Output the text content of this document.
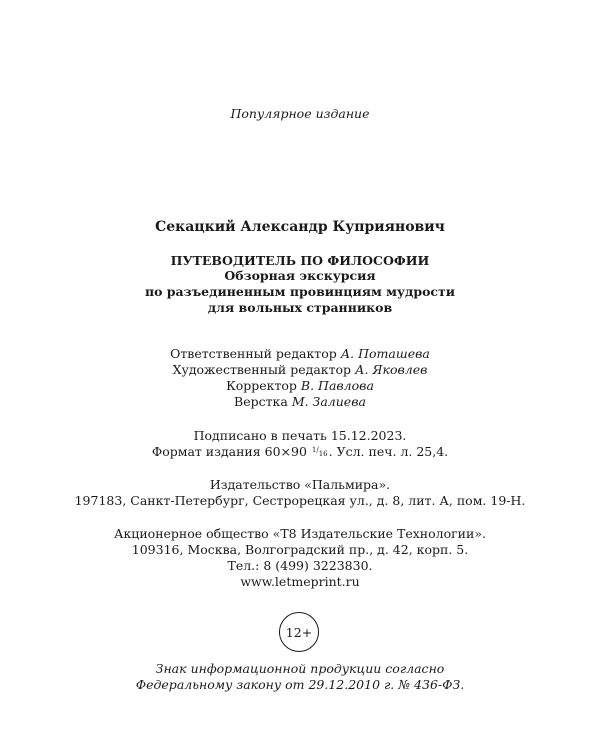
Популярное издание
Секацкий Александр Куприянович
ПУТЕВОДИТЕЛЬ ПО ФИЛОСОФИИ
Обзорная экскурсия
по разъединенным провинциям мудрости
для вольных странников
Ответственный редактор А. Поташева
Художественный редактор А. Яковлев
Корректор В. Павлова
Верстка М. Залиева
Подписано в печать 15.12.2023.
Формат издания 60×90 $^{1/16}$. Усл. печ. л. 25,4.
Издательство «Пальмира».
197183, Санкт-Петербург, Сестрорецкая ул., д. 8, лит. А, пом. 19-Н.
Акционерное общество «Т8 Издательские Технологии».
109316, Москва, Волгоградский пр., д. 42, корп. 5.
Тел.: 8 (499) 3223830.
www.letmeprint.ru
12+
Знак информационной продукции согласно
Федеральному закону от 29.12.2010 г. № 436-ФЗ.
